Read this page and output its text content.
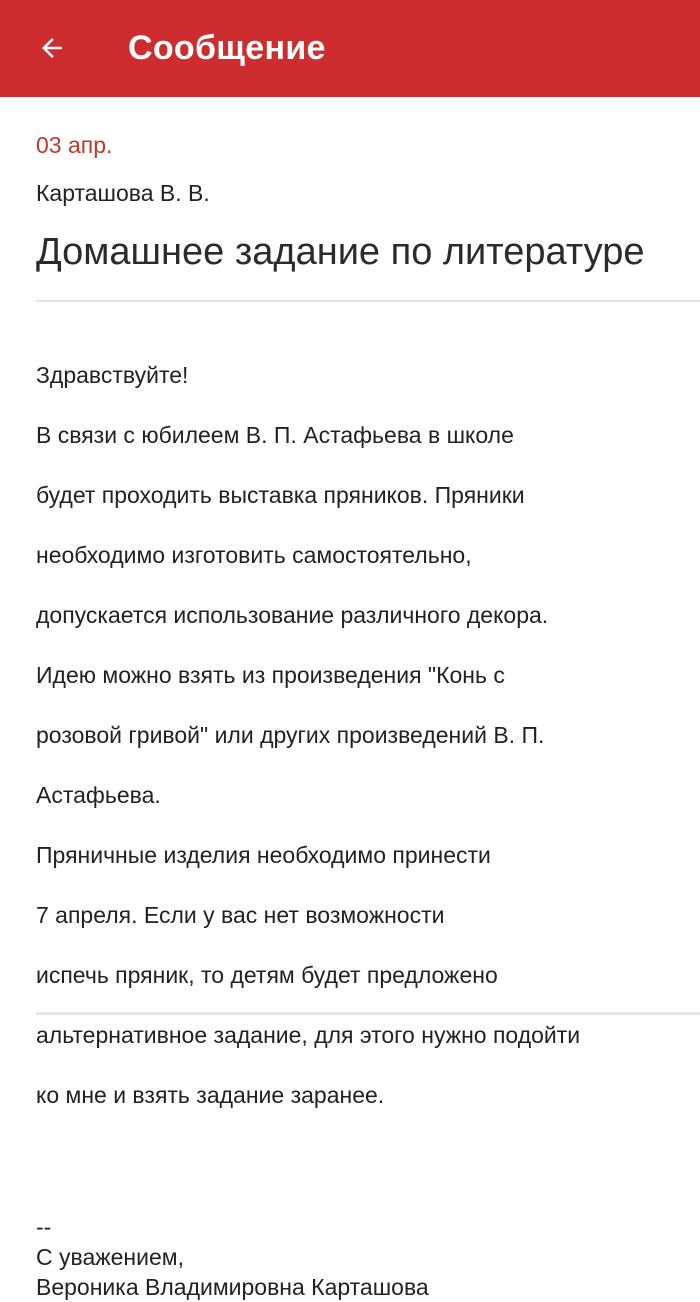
Сообщение
03 апр.
Карташова В. В.
Домашнее задание по литературе

Здравствуйте!

В связи с юбилеем В. П. Астафьева в школе

будет проходить выставка пряников. Пряники

необходимо изготовить самостоятельно,

допускается использование различного декора.

Идею можно взять из произведения "Конь с

розовой гривой" или других произведений В. П.

Астафьева.

Пряничные изделия необходимо принести

7 апреля. Если у вас нет возможности

испечь пряник, то детям будет предложено

альтернативное задание, для этого нужно подойти

ко мне и взять задание заранее.

--
С уважением,
Вероника Владимировна Карташова
